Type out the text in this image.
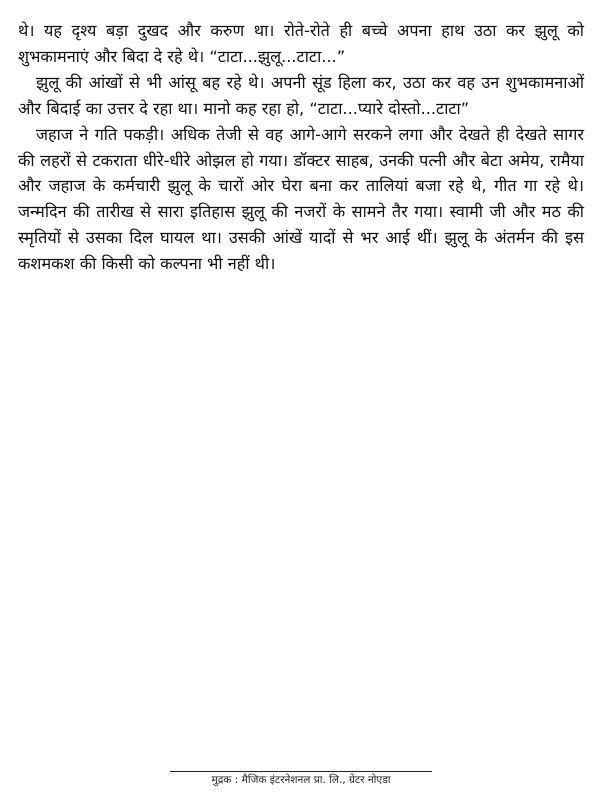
थे। यह दृश्य बड़ा दुखद और करुण था। रोते-रोते ही बच्चे अपना हाथ उठा कर झुलू को शुभकामनाएं और बिदा दे रहे थे। “टाटा...झुलू...टाटा...”

झुलू की आंखों से भी आंसू बह रहे थे। अपनी सूंड हिला कर, उठा कर वह उन शुभकामनाओं और बिदाई का उत्तर दे रहा था। मानो कह रहा हो, “टाटा...प्यारे दोस्तो...टाटा”

जहाज ने गति पकड़ी। अधिक तेजी से वह आगे-आगे सरकने लगा और देखते ही देखते सागर की लहरों से टकराता धीरे-धीरे ओझल हो गया। डॉक्टर साहब, उनकी पत्नी और बेटा अमेय, रामैया और जहाज के कर्मचारी झुलू के चारों ओर घेरा बना कर तालियां बजा रहे थे, गीत गा रहे थे। जन्मदिन की तारीख से सारा इतिहास झुलू की नजरों के सामने तैर गया। स्वामी जी और मठ की स्मृतियों से उसका दिल घायल था। उसकी आंखें यादों से भर आई थीं। झुलू के अंतर्मन की इस कशमकश की किसी को कल्पना भी नहीं थी।

मुद्रक : मैजिक इंटरनेशनल प्रा. लि., ग्रेटर नोएडा
